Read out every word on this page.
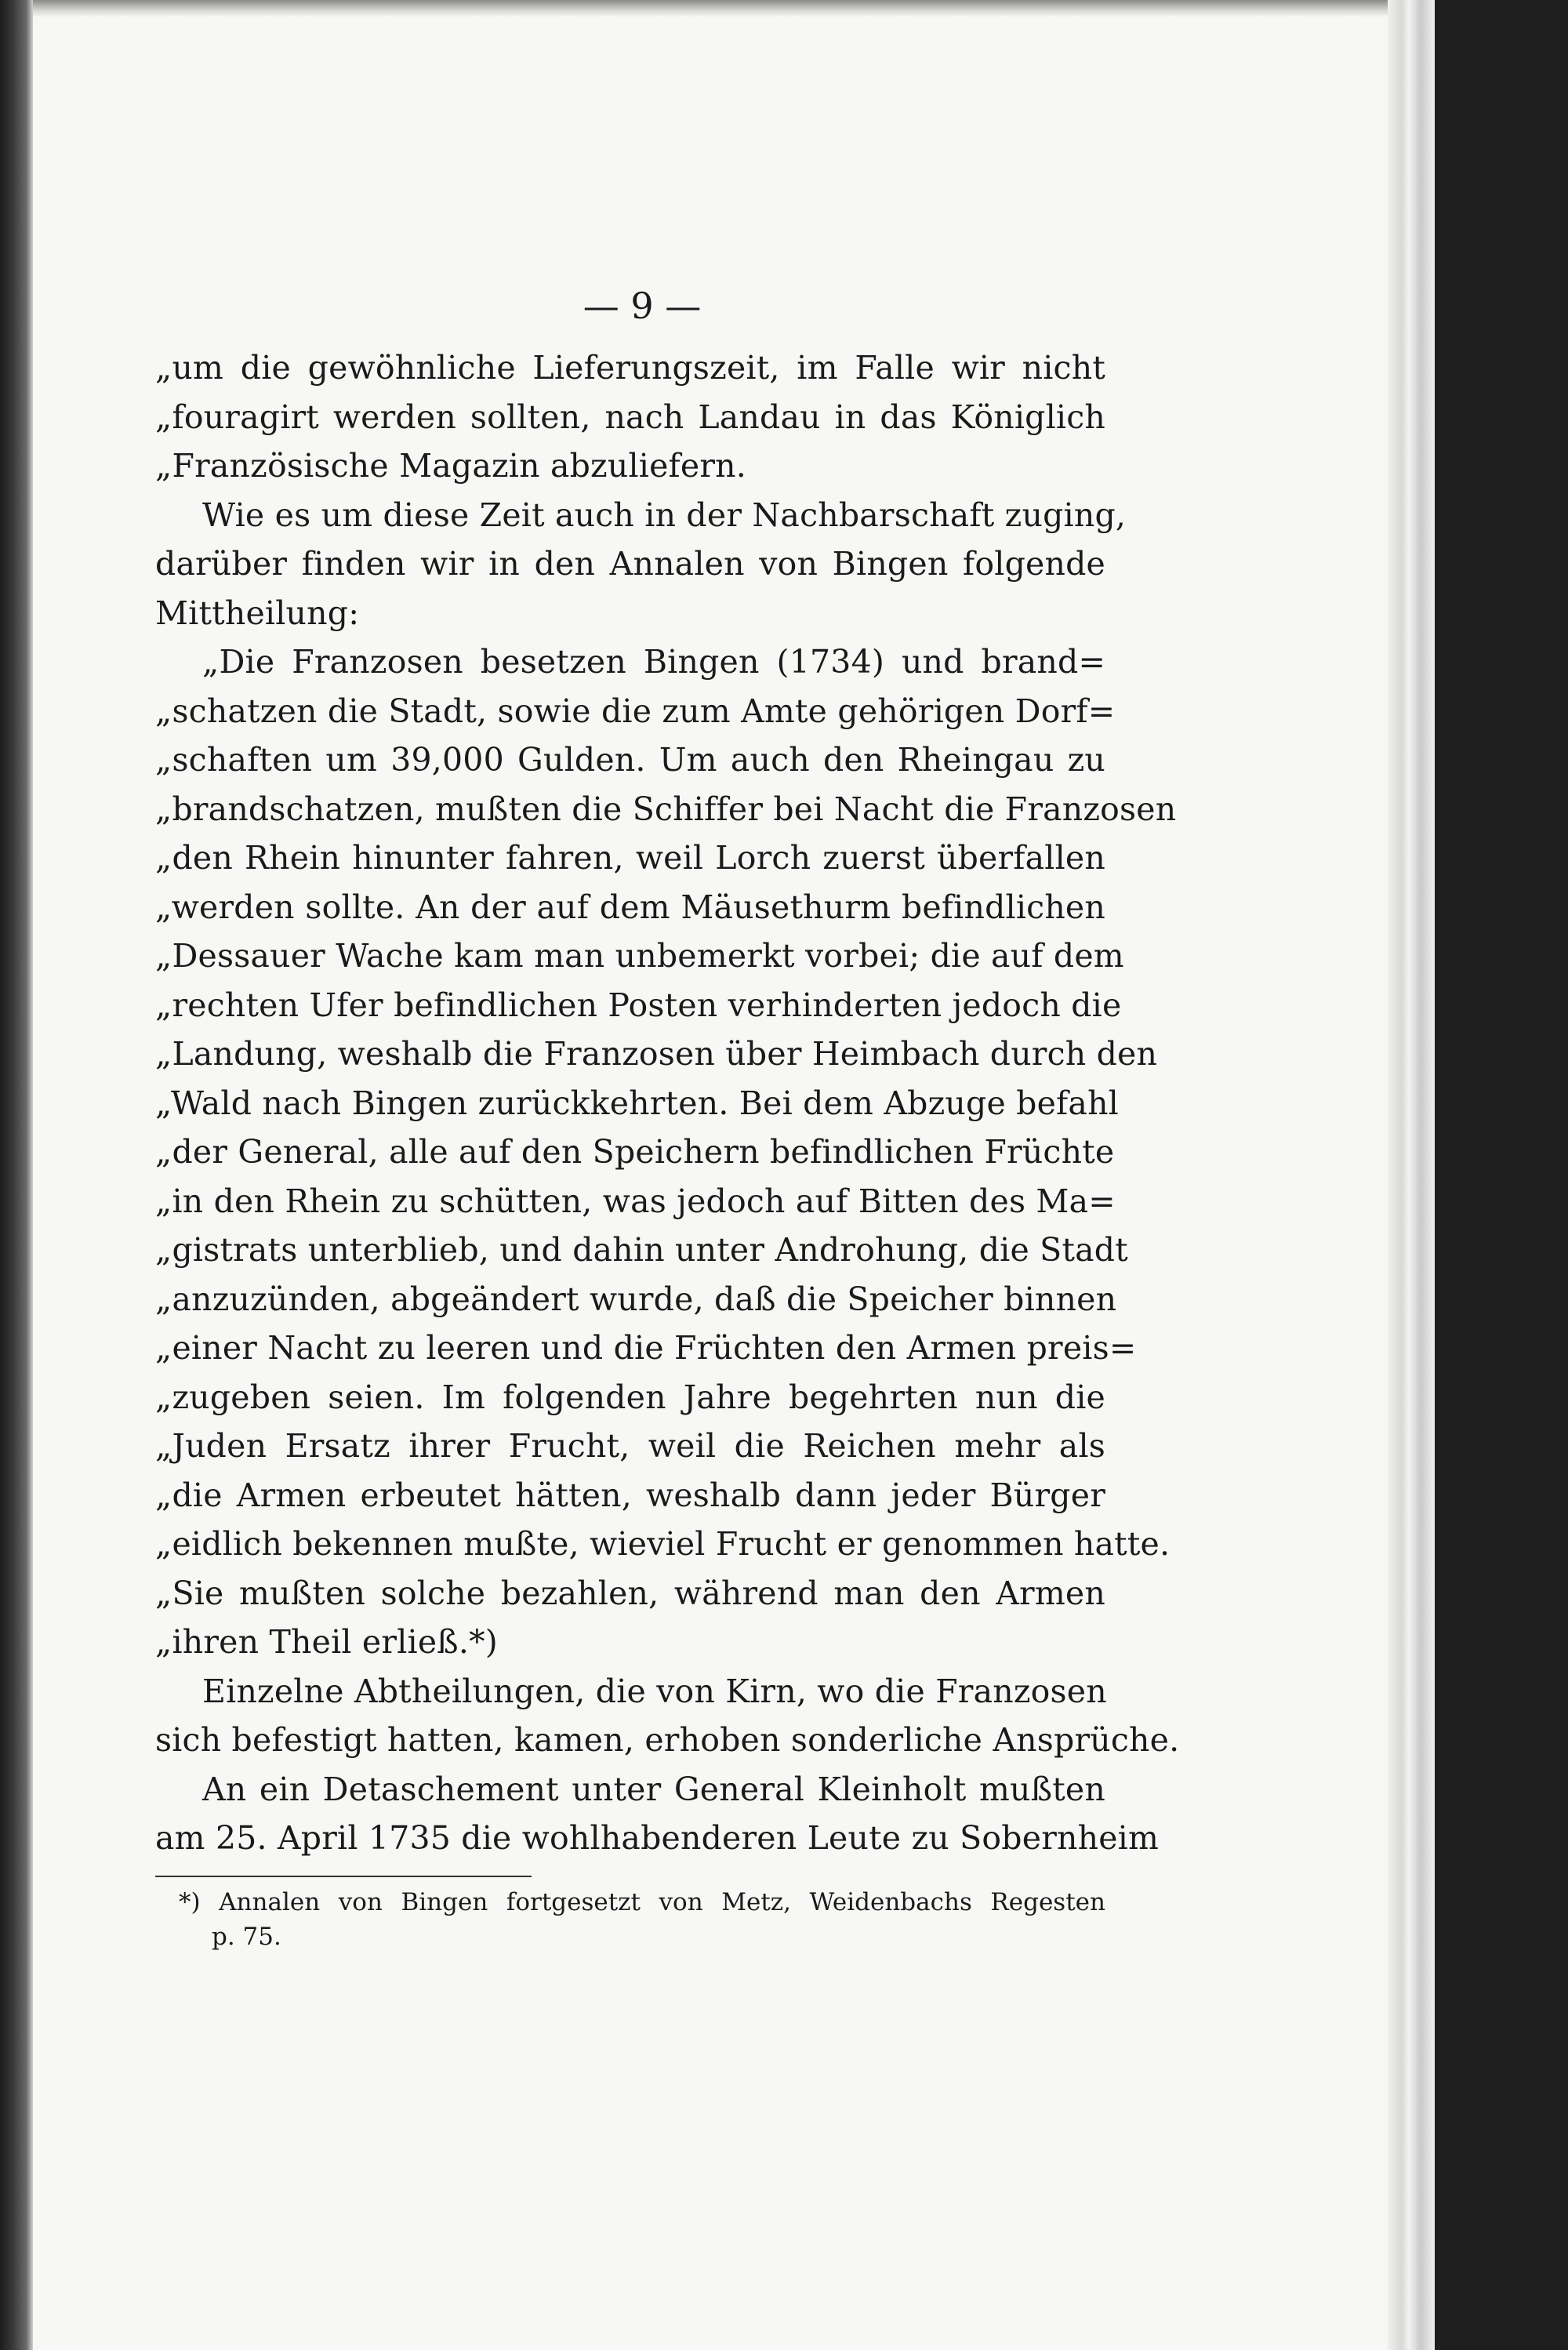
— 9 —
„um die gewöhnliche Lieferungszeit, im Falle wir nicht
„fouragirt werden sollten, nach Landau in das Königlich
„Französische Magazin abzuliefern.
Wie es um diese Zeit auch in der Nachbarschaft zuging,
darüber finden wir in den Annalen von Bingen folgende
Mittheilung:
„Die Franzosen besetzen Bingen (1734) und brand=
„schatzen die Stadt, sowie die zum Amte gehörigen Dorf=
„schaften um 39,000 Gulden. Um auch den Rheingau zu
„brandschatzen, mußten die Schiffer bei Nacht die Franzosen
„den Rhein hinunter fahren, weil Lorch zuerst überfallen
„werden sollte. An der auf dem Mäusethurm befindlichen
„Dessauer Wache kam man unbemerkt vorbei; die auf dem
„rechten Ufer befindlichen Posten verhinderten jedoch die
„Landung, weshalb die Franzosen über Heimbach durch den
„Wald nach Bingen zurückkehrten. Bei dem Abzuge befahl
„der General, alle auf den Speichern befindlichen Früchte
„in den Rhein zu schütten, was jedoch auf Bitten des Ma=
„gistrats unterblieb, und dahin unter Androhung, die Stadt
„anzuzünden, abgeändert wurde, daß die Speicher binnen
„einer Nacht zu leeren und die Früchten den Armen preis=
„zugeben seien. Im folgenden Jahre begehrten nun die
„Juden Ersatz ihrer Frucht, weil die Reichen mehr als
„die Armen erbeutet hätten, weshalb dann jeder Bürger
„eidlich bekennen mußte, wieviel Frucht er genommen hatte.
„Sie mußten solche bezahlen, während man den Armen
„ihren Theil erließ.*)
Einzelne Abtheilungen, die von Kirn, wo die Franzosen
sich befestigt hatten, kamen, erhoben sonderliche Ansprüche.
An ein Detaschement unter General Kleinholt mußten
am 25. April 1735 die wohlhabenderen Leute zu Sobernheim
*) Annalen von Bingen fortgesetzt von Metz, Weidenbachs Regesten
p. 75.
